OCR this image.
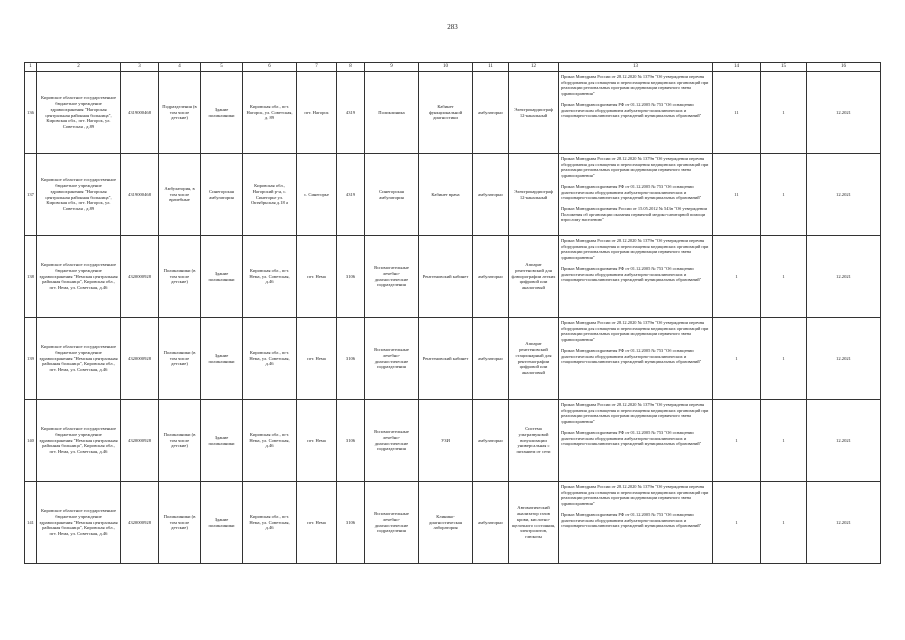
283
1	2	3	4	5	6	7	8	9	10	11	12	13	14	15	16
136	Кировское областное государственное бюджетное учреждение здравоохранения "Нагорская центральная районная больница", Кировская обл., пгт. Нагорск, ул. Советская , д.89	4319000468	Подразделения (в том числе детские)	Здание поликлиники	Кировская обл., пгт. Нагорск, ул. Советская, д. 89	пгт. Нагорск	4319	Поликлиника	Кабинет функциональной диагностики	амбулаторно	Электрокардиограф 12-канальный	Приказ Минздрава России от 28.12.2020 № 1379н "Об утверждении перечня оборудования для оснащения и переоснащения медицинских организаций при реализации региональных программ модернизации первичного звена здравоохранения"
Приказ Минздравсоцразвития РФ от 01.12.2005 № 753 "Об оснащении диагностическим оборудованием амбулаторно-поликлинических и стационарно-поликлинических учреждений муниципальных образований"	11	1	12.2021
137	Кировское областное государственное бюджетное учреждение здравоохранения "Нагорская центральная районная больница", Кировская обл., пгт. Нагорск, ул. Советская , д.89	4319000468	Амбулатория, в том числе врачебные	Синегорская амбулатория	Кировская обл., Нагорский р-н, с. Синегорье ул. Октябрьская д.18 а	с. Синегорье	4319	Синегорская амбулатория	Кабинет врача	амбулаторно	Электрокардиограф 12-канальный	Приказ Минздрава России от 28.12.2020 № 1379н "Об утверждении перечня оборудования для оснащения и переоснащения медицинских организаций при реализации региональных программ модернизации первичного звена здравоохранения"
Приказ Минздравсоцразвития РФ от 01.12.2005 № 753 "Об оснащении диагностическим оборудованием амбулаторно-поликлинических и стационарно-поликлинических учреждений муниципальных образований"
Приказ Минздравсоцразвития России от 15.05.2012 № 543н "Об утверждении Положения об организации оказания первичной медико-санитарной помощи взрослому населению"	11	1	12.2021
138	Кировское областное государственное бюджетное учреждение здравоохранения "Немская центральная районная больница", Кировская обл., пгт. Нема, ул. Советская, д.46	4320000928	Поликлиники (в том числе детские)	Здание поликлиники	Кировская обл., пгт. Нема, ул. Советская, д.46	пгт. Нема	3106	Вспомогательные лечебно-диагностические подразделения	Рентгеновский кабинет	амбулаторно	Аппарат рентгеновский для флюорографии легких цифровой или аналоговый	Приказ Минздрава России от 28.12.2020 № 1379н "Об утверждении перечня оборудования для оснащения и переоснащения медицинских организаций при реализации региональных программ модернизации первичного звена здравоохранения"
Приказ Минздравсоцразвития РФ от 01.12.2005 № 753 "Об оснащении диагностическим оборудованием амбулаторно-поликлинических и стационарно-поликлинических учреждений муниципальных образований"	1	1	12.2021
139	Кировское областное государственное бюджетное учреждение здравоохранения "Немская центральная районная больница", Кировская обл., пгт. Нема, ул. Советская, д.46	4320000928	Поликлиники (в том числе детские)	Здание поликлиники	Кировская обл., пгт. Нема, ул. Советская, д.46	пгт. Нема	3106	Вспомогательные лечебно-диагностические подразделения	Рентгеновский кабинет	амбулаторно	Аппарат рентгеновский стационарный для рентгенографии цифровой или аналоговый	Приказ Минздрава России от 28.12.2020 № 1379н "Об утверждении перечня оборудования для оснащения и переоснащения медицинских организаций при реализации региональных программ модернизации первичного звена здравоохранения"
Приказ Минздравсоцразвития РФ от 01.12.2005 № 753 "Об оснащении диагностическим оборудованием амбулаторно-поликлинических и стационарно-поликлинических учреждений муниципальных образований"	1	1	12.2021
140	Кировское областное государственное бюджетное учреждение здравоохранения "Немская центральная районная больница", Кировская обл., пгт. Нема, ул. Советская, д.46	4320000928	Поликлиники (в том числе детские)	Здание поликлиники	Кировская обл., пгт. Нема, ул. Советская, д.46	пгт. Нема	3106	Вспомогательные лечебно-диагностические подразделения	УЗИ	амбулаторно	Система ультразвуковой визуализации универсальная с питанием от сети	Приказ Минздрава России от 28.12.2020 № 1379н "Об утверждении перечня оборудования для оснащения и переоснащения медицинских организаций при реализации региональных программ модернизации первичного звена здравоохранения"
Приказ Минздравсоцразвития РФ от 01.12.2005 № 753 "Об оснащении диагностическим оборудованием амбулаторно-поликлинических и стационарно-поликлинических учреждений муниципальных образований"	1	1	12.2021
141	Кировское областное государственное бюджетное учреждение здравоохранения "Немская центральная районная больница", Кировская обл., пгт. Нема, ул. Советская, д.46	4320000928	Поликлиники (в том числе детские)	Здание поликлиники	Кировская обл., пгт. Нема, ул. Советская, д.46	пгт. Нема	3106	Вспомогательные лечебно-диагностические подразделения	Клинико-диагностическая лаборатория	амбулаторно	Автоматический анализатор газов крови, кислотно-щелочного состояния, электролитов, глюкозы	Приказ Минздрава России от 28.12.2020 № 1379н "Об утверждении перечня оборудования для оснащения и переоснащения медицинских организаций при реализации региональных программ модернизации первичного звена здравоохранения"
Приказ Минздравсоцразвития РФ от 01.12.2005 № 753 "Об оснащении диагностическим оборудованием амбулаторно-поликлинических и стационарно-поликлинических учреждений муниципальных образований"	1	1	12.2021
